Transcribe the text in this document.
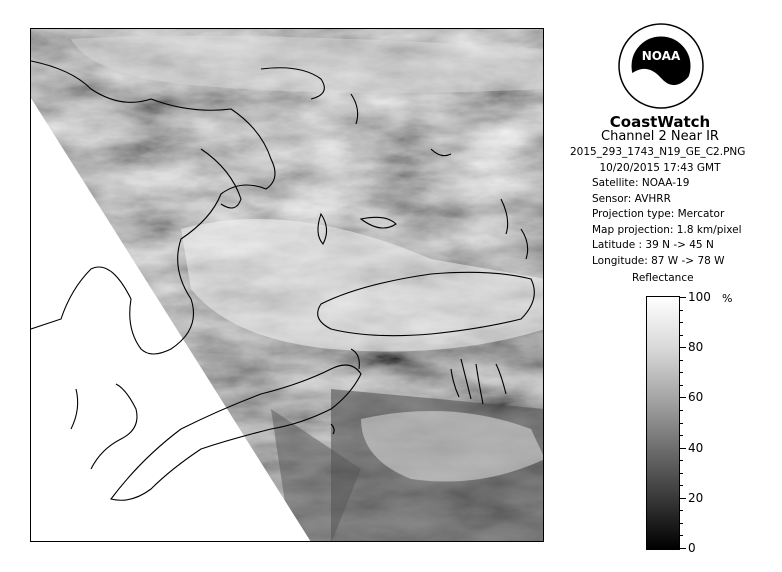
NOAA
CoastWatch
Channel 2 Near IR
2015_293_1743_N19_GE_C2.PNG
10/20/2015 17:43 GMT
Satellite: NOAA-19
Sensor: AVHRR
Projection type: Mercator
Map projection: 1.8 km/pixel
Latitude : 39 N -> 45 N
Longitude: 87 W -> 78 W
Reflectance
%
100
80
60
40
20
0
